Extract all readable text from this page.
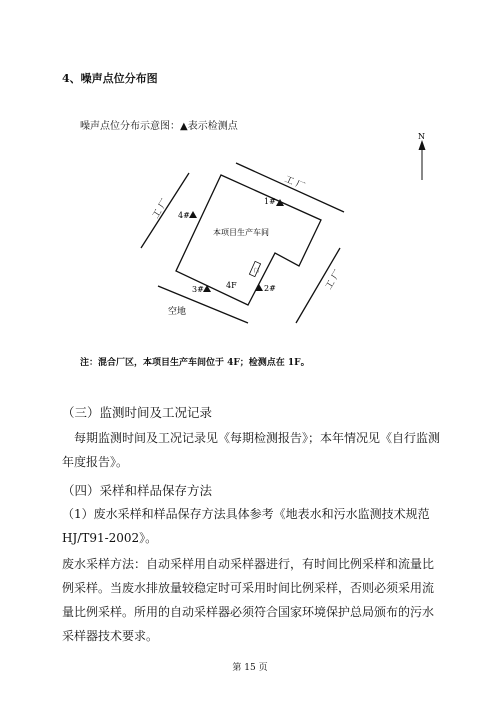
4、噪声点位分布图
噪声点位分布示意图：▲表示检测点
N
工 厂
工 厂
工 厂
本项目生产车间
门
4F
1#
2#
3#
4#
空地
注：混合厂区，本项目生产车间位于 4F；检测点在 1F。
（三）监测时间及工况记录
每期监测时间及工况记录见《每期检测报告》；本年情况见《自行监测年度报告》。
（四）采样和样品保存方法
（1）废水采样和样品保存方法具体参考《地表水和污水监测技术规范HJ/T91-2002》。
废水采样方法：自动采样用自动采样器进行，有时间比例采样和流量比例采样。当废水排放量较稳定时可采用时间比例采样，否则必须采用流量比例采样。所用的自动采样器必须符合国家环境保护总局颁布的污水采样器技术要求。
第 15 页
